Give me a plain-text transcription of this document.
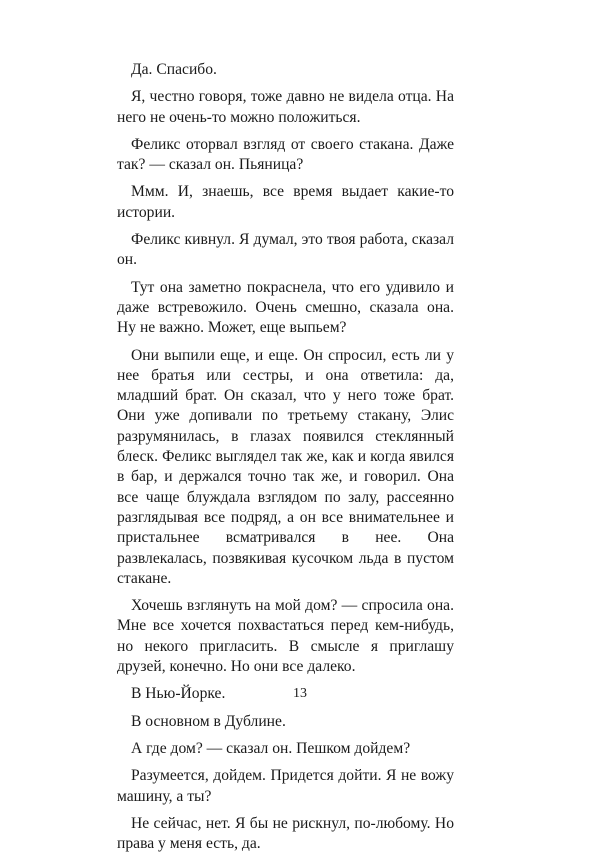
Да. Спасибо.

Я, честно говоря, тоже давно не видела отца. На него не очень-то можно положиться.

Феликс оторвал взгляд от своего стакана. Даже так? — сказал он. Пьяница?

Ммм. И, знаешь, все время выдает какие-то истории.

Феликс кивнул. Я думал, это твоя работа, сказал он.

Тут она заметно покраснела, что его удивило и даже встревожило. Очень смешно, сказала она. Ну не важно. Может, еще выпьем?

Они выпили еще, и еще. Он спросил, есть ли у нее братья или сестры, и она ответила: да, младший брат. Он сказал, что у него тоже брат. Они уже допивали по третьему стакану, Элис разрумянилась, в глазах появился стеклянный блеск. Феликс выглядел так же, как и когда явился в бар, и держался точно так же, и говорил. Она все чаще блуждала взглядом по залу, рассеянно разглядывая все подряд, а он все внимательнее и пристальнее всматривался в нее. Она развлекалась, позвякивая кусочком льда в пустом стакане.

Хочешь взглянуть на мой дом? — спросила она. Мне все хочется похвастаться перед кем-нибудь, но некого пригласить. В смысле я приглашу друзей, конечно. Но они все далеко.

В Нью-Йорке.

В основном в Дублине.

А где дом? — сказал он. Пешком дойдем?

Разумеется, дойдем. Придется дойти. Я не вожу машину, а ты?

Не сейчас, нет. Я бы не рискнул, по-любому. Но права у меня есть, да.

13
